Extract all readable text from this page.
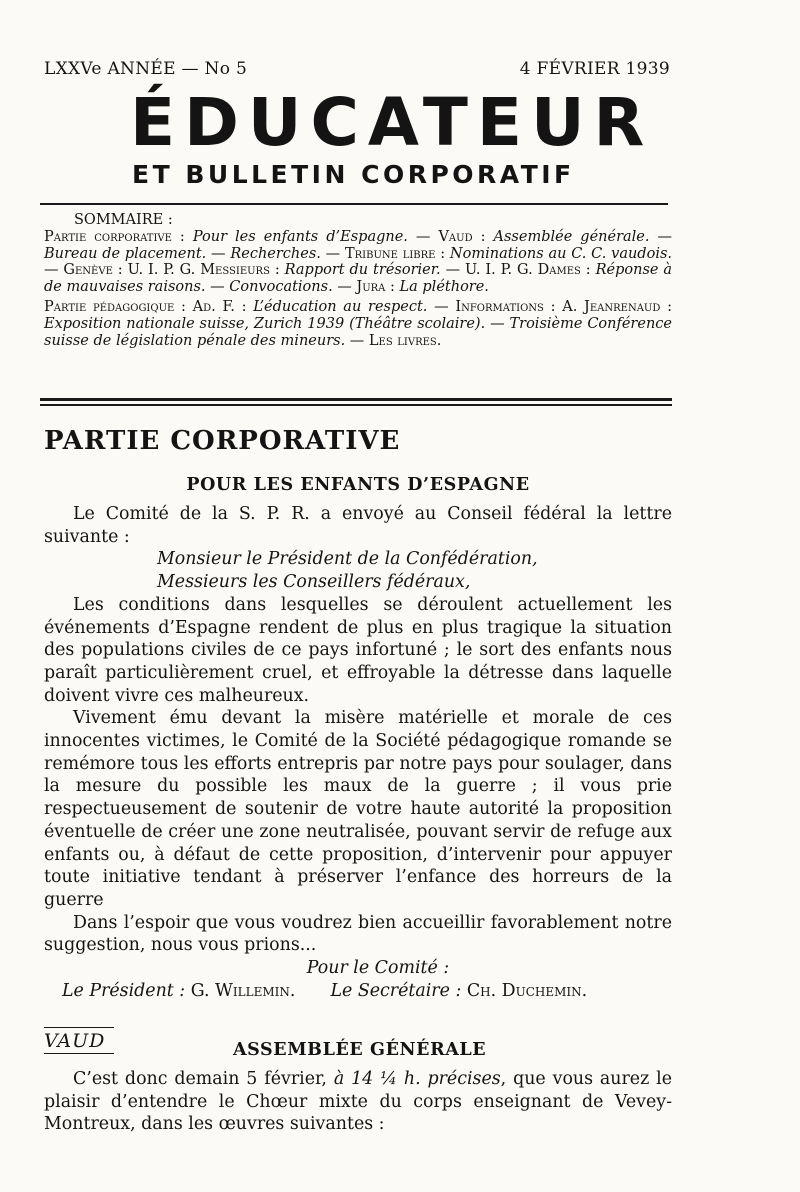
LXXVe ANNÉE — No 5	4 FÉVRIER 1939
ÉDUCATEUR
ET BULLETIN CORPORATIF
SOMMAIRE :

Partie corporative : Pour les enfants d’Espagne. — Vaud : Assemblée générale. — Bureau de placement. — Recherches. — Tribune libre : Nominations au C. C. vaudois. — Genève : U. I. P. G. Messieurs : Rapport du trésorier. — U. I. P. G. Dames : Réponse à de mauvaises raisons. — Convocations. — Jura : La pléthore.

Partie pédagogique : Ad. F. : L’éducation au respect. — Informations : A. Jeanrenaud : Exposition nationale suisse, Zurich 1939 (Théâtre scolaire). — Troisième Conférence suisse de législation pénale des mineurs. — Les livres.

PARTIE CORPORATIVE
POUR LES ENFANTS D’ESPAGNE

Le Comité de la S. P. R. a envoyé au Conseil fédéral la lettre suivante :

Monsieur le Président de la Confédération,

Messieurs les Conseillers fédéraux,

Les conditions dans lesquelles se déroulent actuellement les événements d’Espagne rendent de plus en plus tragique la situation des populations civiles de ce pays infortuné ; le sort des enfants nous paraît particulièrement cruel, et effroyable la détresse dans laquelle doivent vivre ces malheureux.

Vivement ému devant la misère matérielle et morale de ces innocentes victimes, le Comité de la Société pédagogique romande se remémore tous les efforts entrepris par notre pays pour soulager, dans la mesure du possible les maux de la guerre ; il vous prie respectueusement de soutenir de votre haute autorité la proposition éventuelle de créer une zone neutralisée, pouvant servir de refuge aux enfants ou, à défaut de cette proposition, d’intervenir pour appuyer toute initiative tendant à préserver l’enfance des horreurs de la guerre

Dans l’espoir que vous voudrez bien accueillir favorablement notre suggestion, nous vous prions...

Pour le Comité :

Le Président : G. Willemin. Le Secrétaire : Ch. Duchemin.

VAUD	ASSEMBLÉE GÉNÉRALE

C’est donc demain 5 février, à 14 ¼ h. précises, que vous aurez le plaisir d’entendre le Chœur mixte du corps enseignant de Vevey-Montreux, dans les œuvres suivantes :
